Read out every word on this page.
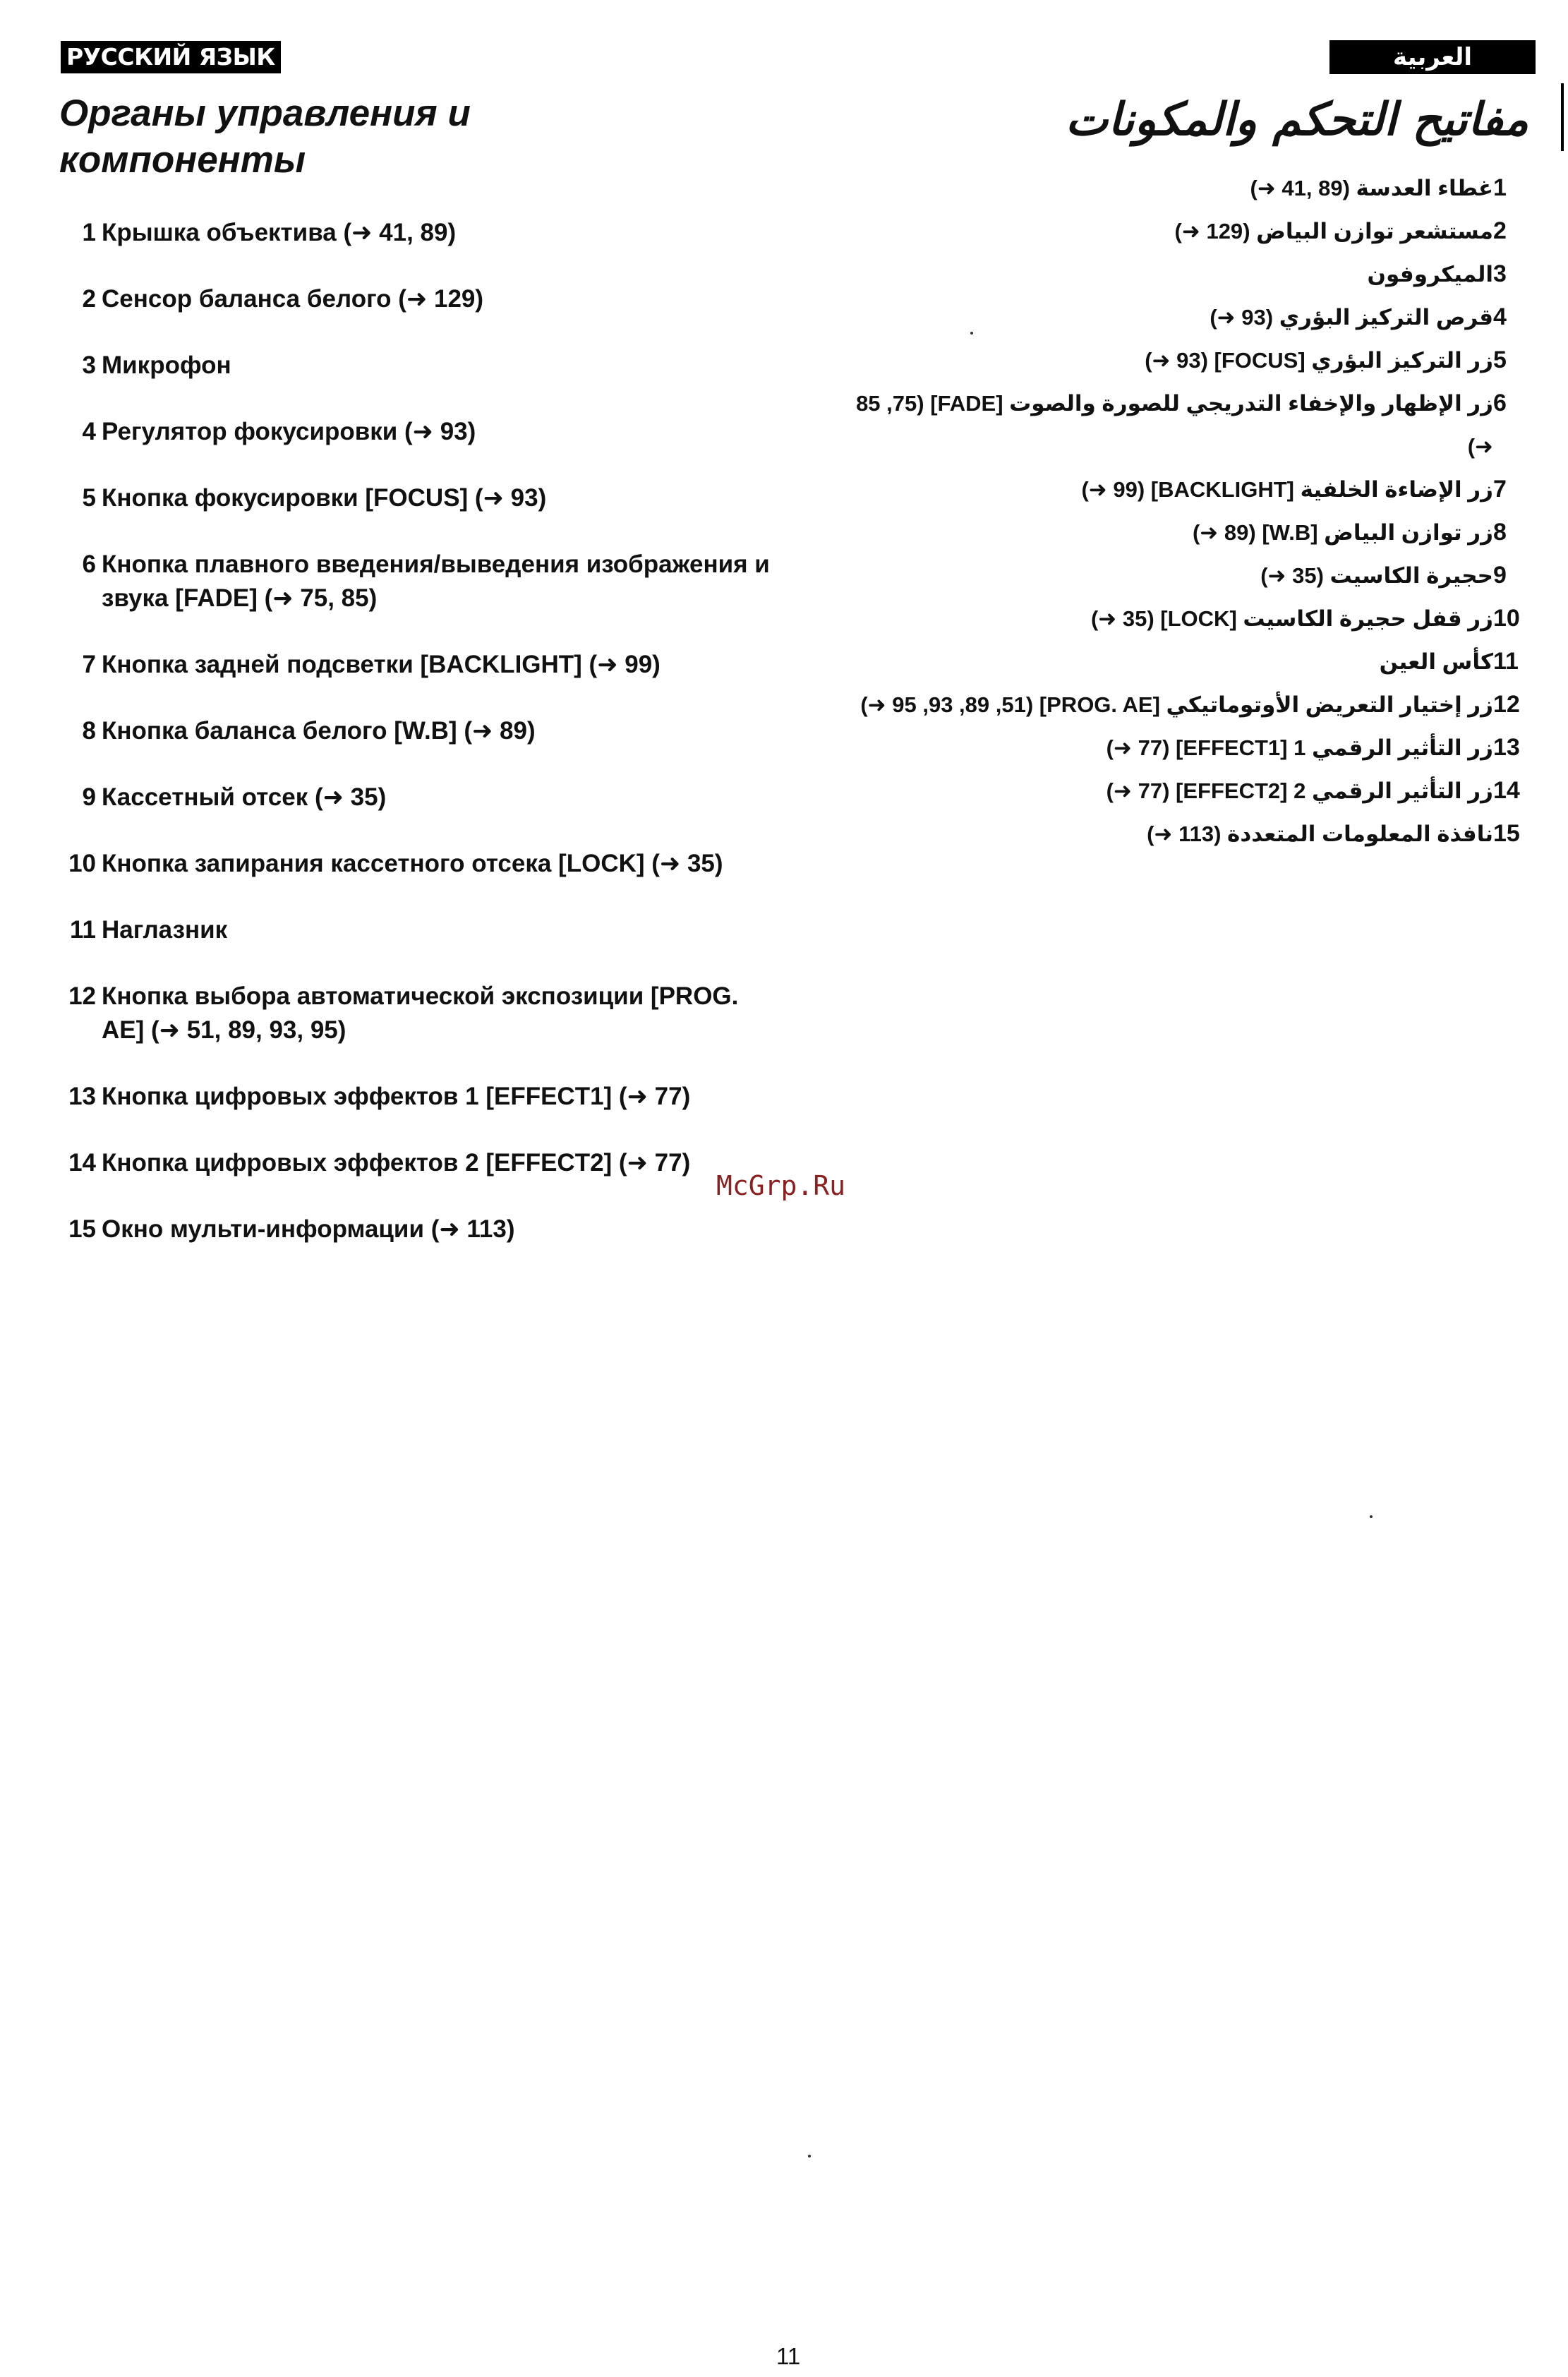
РУССКИЙ ЯЗЫК	العربية
Органы управления и компоненты
1 Крышка объектива (➜ 41, 89)
2 Сенсор баланса белого (➜ 129)
3 Микрофон
4 Регулятор фокусировки (➜ 93)
5 Кнопка фокусировки [FOCUS] (➜ 93)
6 Кнопка плавного введения/выведения изображения и звука [FADE] (➜ 75, 85)
7 Кнопка задней подсветки [BACKLIGHT] (➜ 99)
8 Кнопка баланса белого [W.B] (➜ 89)
9 Кассетный отсек (➜ 35)
10 Кнопка запирания кассетного отсека [LOCK] (➜ 35)
11 Наглазник
12 Кнопка выбора автоматической экспозиции [PROG. AE] (➜ 51, 89, 93, 95)
13 Кнопка цифровых эффектов 1 [EFFECT1] (➜ 77)
14 Кнопка цифровых эффектов 2 [EFFECT2] (➜ 77)
15 Окно мульти-информации (➜ 113)
مفاتيح التحكم والمكونات
1
غطاء العدسة (89 ,41 ➜)
2
مستشعر توازن البياض (129 ➜)
3
الميكروفون
4
قرص التركيز البؤري (93 ➜)
5
زر التركيز البؤري [FOCUS] (93 ➜)
6
زر الإظهار والإخفاء التدريجي للصورة والصوت [FADE] (85 ,75 ➜)
7
زر الإضاءة الخلفية [BACKLIGHT] (99 ➜)
8
زر توازن البياض [W.B] (89 ➜)
9
حجيرة الكاسيت (35 ➜)
10
زر قفل حجيرة الكاسيت [LOCK] (35 ➜)
11
كأس العين
12
زر إختيار التعريض الأوتوماتيكي [PROG. AE] (95 ,93 ,89 ,51 ➜)
13
زر التأثير الرقمي 1 [EFFECT1] (77 ➜)
14
زر التأثير الرقمي 2 [EFFECT2] (77 ➜)
15
نافذة المعلومات المتعددة (113 ➜)
McGrp.Ru
11
